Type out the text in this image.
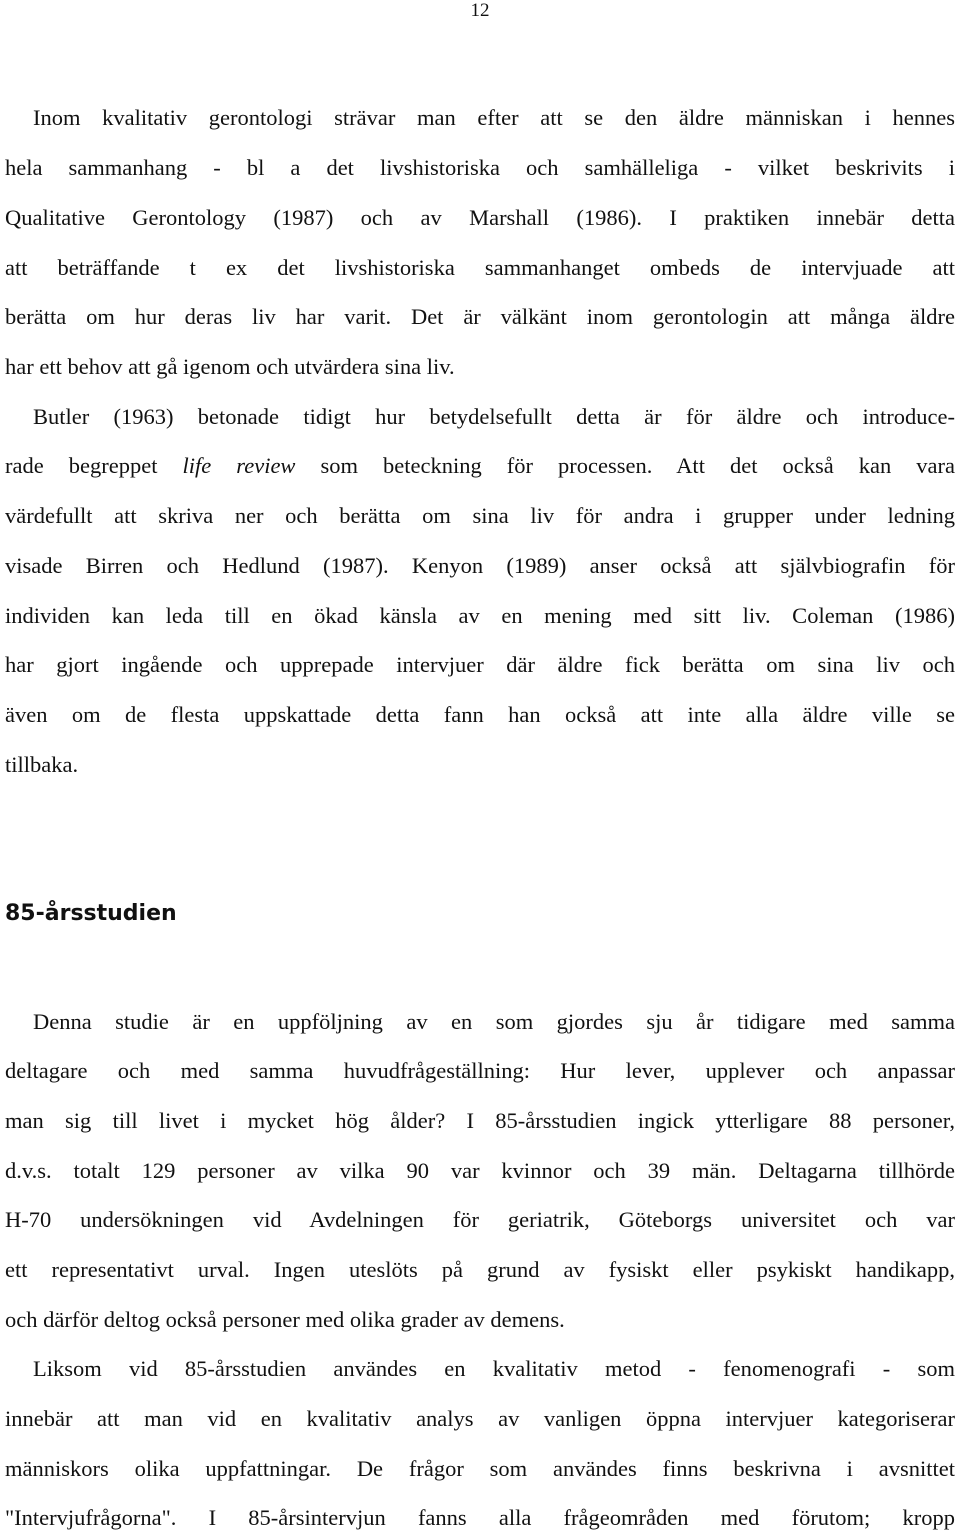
12
Inom kvalitativ gerontologi strävar man efter att se den äldre människan i hennes
hela sammanhang - bl a det livshistoriska och samhälleliga - vilket beskrivits i
Qualitative Gerontology (1987) och av Marshall (1986). I praktiken innebär detta
att beträffande t ex det livshistoriska sammanhanget ombeds de intervjuade att
berätta om hur deras liv har varit. Det är välkänt inom gerontologin att många äldre
har ett behov att gå igenom och utvärdera sina liv.
Butler (1963) betonade tidigt hur betydelsefullt detta är för äldre och introduce-
rade begreppet life review som beteckning för processen. Att det också kan vara
värdefullt att skriva ner och berätta om sina liv för andra i grupper under ledning
visade Birren och Hedlund (1987). Kenyon (1989) anser också att självbiografin för
individen kan leda till en ökad känsla av en mening med sitt liv. Coleman (1986)
har gjort ingående och upprepade intervjuer där äldre fick berätta om sina liv och
även om de flesta uppskattade detta fann han också att inte alla äldre ville se
tillbaka.
85-årsstudien
Denna studie är en uppföljning av en som gjordes sju år tidigare med samma
deltagare och med samma huvudfrågeställning: Hur lever, upplever och anpassar
man sig till livet i mycket hög ålder? I 85-årsstudien ingick ytterligare 88 personer,
d.v.s. totalt 129 personer av vilka 90 var kvinnor och 39 män. Deltagarna tillhörde
H-70 undersökningen vid Avdelningen för geriatrik, Göteborgs universitet och var
ett representativt urval. Ingen uteslöts på grund av fysiskt eller psykiskt handikapp,
och därför deltog också personer med olika grader av demens.
Liksom vid 85-årsstudien användes en kvalitativ metod - fenomenografi - som
innebär att man vid en kvalitativ analys av vanligen öppna intervjuer kategoriserar
människors olika uppfattningar. De frågor som användes finns beskrivna i avsnittet
"Intervjufrågorna". I 85-årsintervjun fanns alla frågeområden med förutom; kropp
